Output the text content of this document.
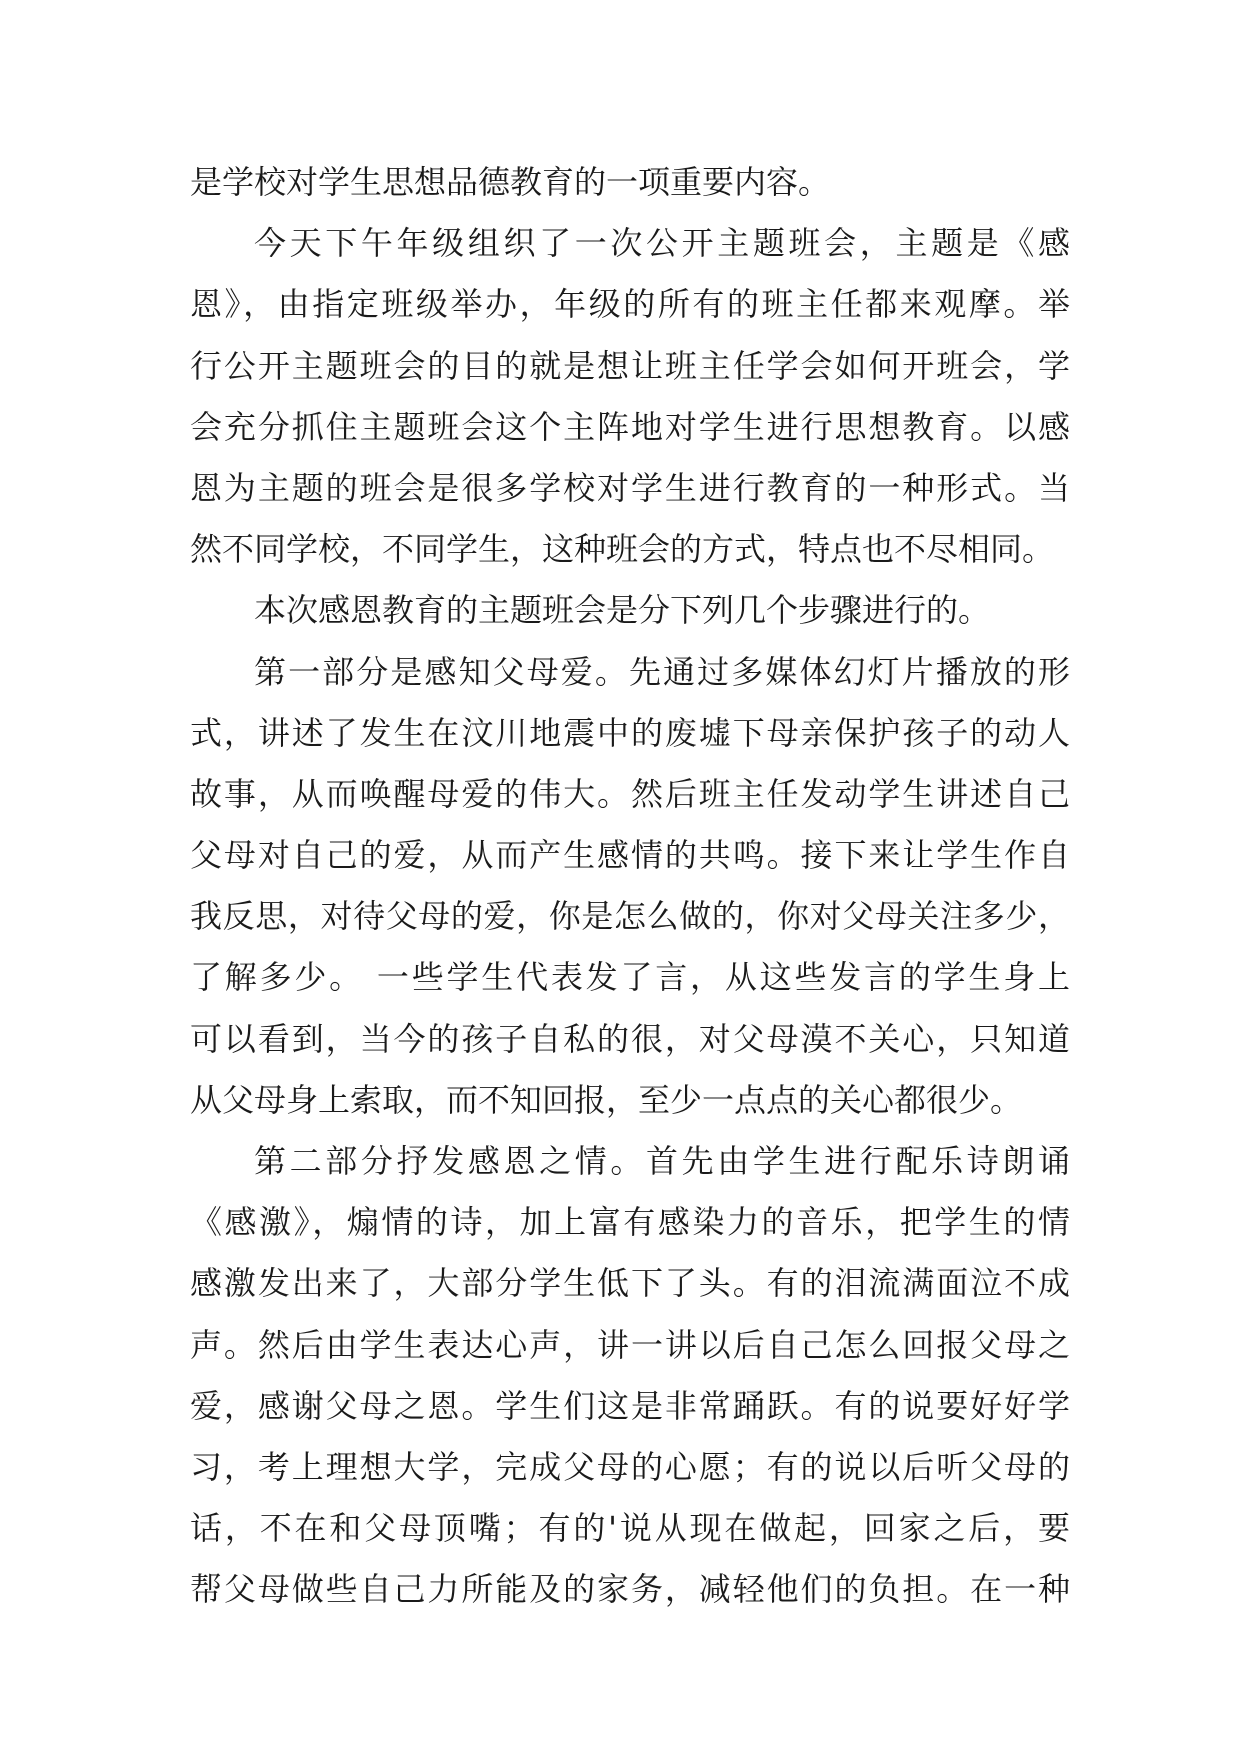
是学校对学生思想品德教育的一项重要内容。
今天下午年级组织了一次公开主题班会，主题是《感
恩》，由指定班级举办，年级的所有的班主任都来观摩。举
行公开主题班会的目的就是想让班主任学会如何开班会，学
会充分抓住主题班会这个主阵地对学生进行思想教育。以感
恩为主题的班会是很多学校对学生进行教育的一种形式。当
然不同学校，不同学生，这种班会的方式，特点也不尽相同。
本次感恩教育的主题班会是分下列几个步骤进行的。
第一部分是感知父母爱。先通过多媒体幻灯片播放的形
式，讲述了发生在汶川地震中的废墟下母亲保护孩子的动人
故事，从而唤醒母爱的伟大。然后班主任发动学生讲述自己
父母对自己的爱，从而产生感情的共鸣。接下来让学生作自
我反思，对待父母的爱，你是怎么做的，你对父母关注多少，
了解多少。 一些学生代表发了言，从这些发言的学生身上
可以看到，当今的孩子自私的很，对父母漠不关心，只知道
从父母身上索取，而不知回报，至少一点点的关心都很少。
第二部分抒发感恩之情。首先由学生进行配乐诗朗诵
《感激》，煽情的诗，加上富有感染力的音乐，把学生的情
感激发出来了，大部分学生低下了头。有的泪流满面泣不成
声。然后由学生表达心声，讲一讲以后自己怎么回报父母之
爱，感谢父母之恩。学生们这是非常踊跃。有的说要好好学
习，考上理想大学，完成父母的心愿；有的说以后听父母的
话，不在和父母顶嘴；有的'说从现在做起，回家之后，要
帮父母做些自己力所能及的家务，减轻他们的负担。在一种
